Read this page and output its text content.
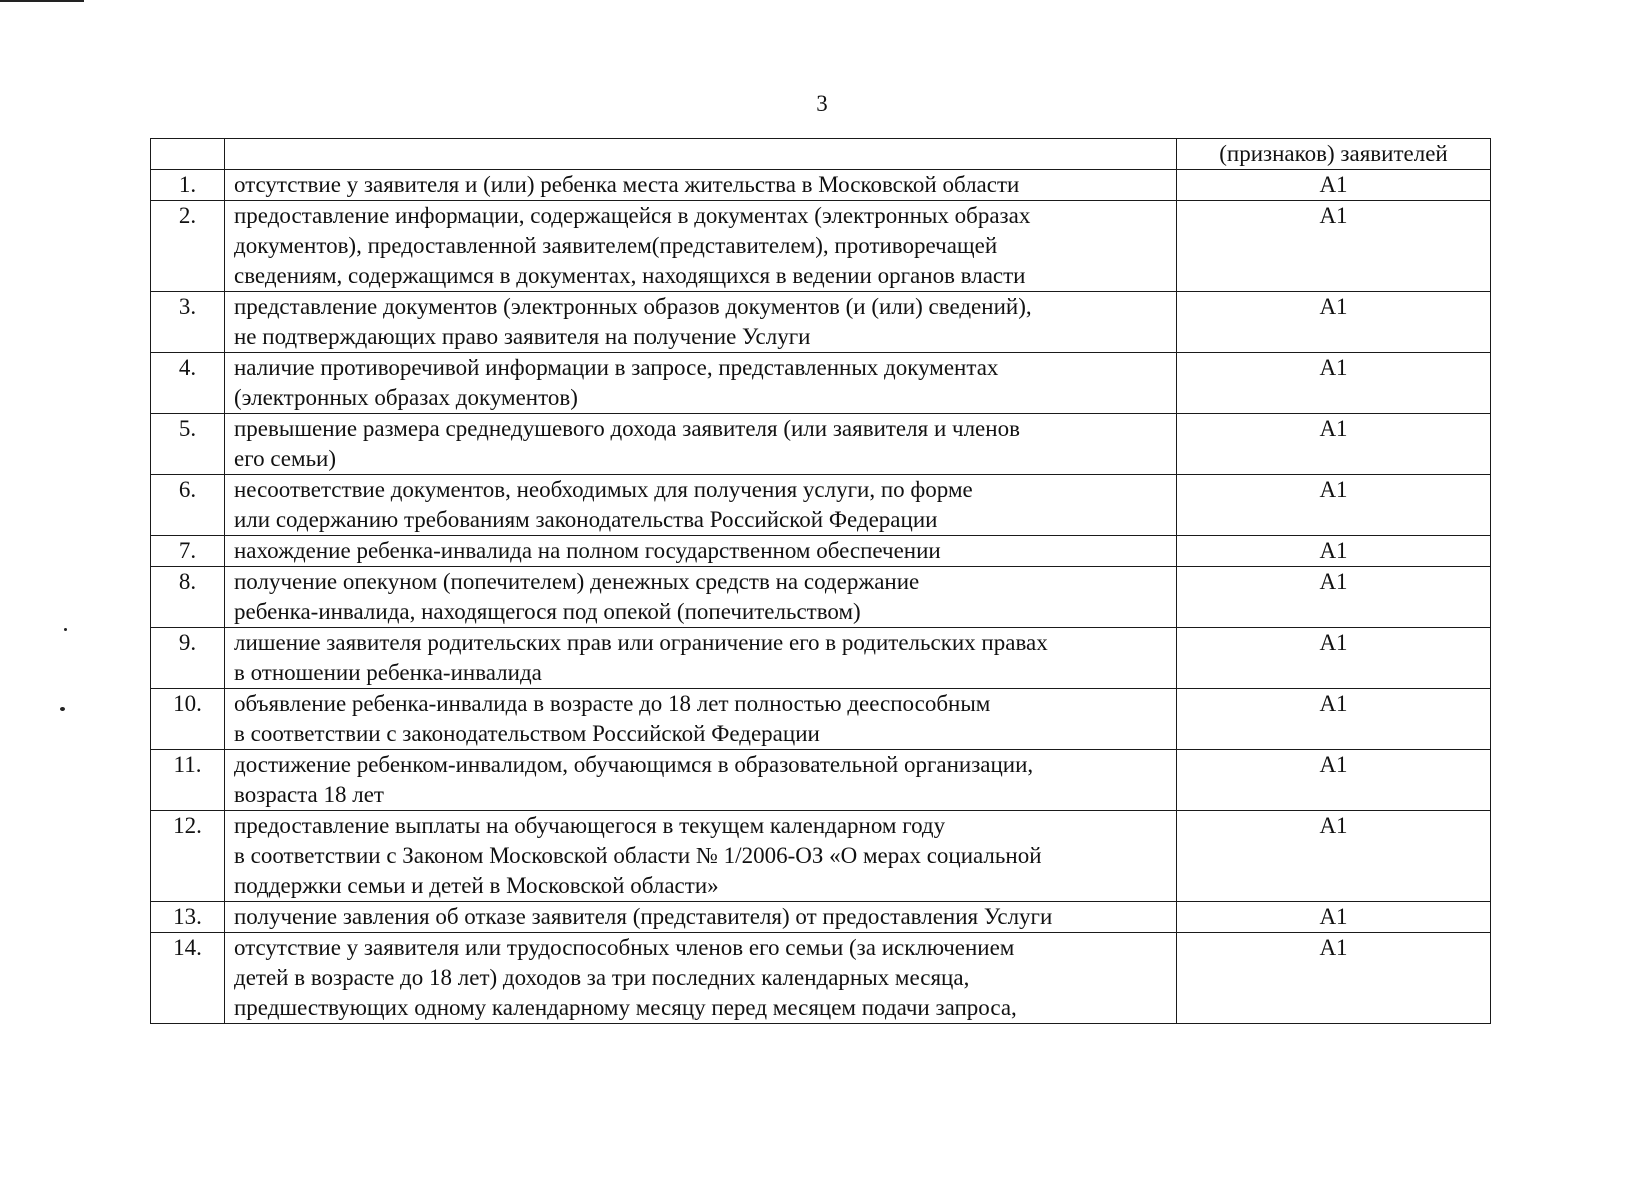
3
		(признаков) заявителей
1.	отсутствие у заявителя и (или) ребенка места жительства в Московской области	А1
2.	предоставление информации, содержащейся в документах (электронных образах
документов), предоставленной заявителем(представителем), противоречащей
сведениям, содержащимся в документах, находящихся в ведении органов власти	А1
3.	представление документов (электронных образов документов (и (или) сведений),
не подтверждающих право заявителя на получение Услуги	А1
4.	наличие противоречивой информации в запросе, представленных документах
(электронных образах документов)	А1
5.	превышение размера среднедушевого дохода заявителя (или заявителя и членов
его семьи)	А1
6.	несоответствие документов, необходимых для получения услуги, по форме
или содержанию требованиям законодательства Российской Федерации	А1
7.	нахождение ребенка-инвалида на полном государственном обеспечении	А1
8.	получение опекуном (попечителем) денежных средств на содержание
ребенка-инвалида, находящегося под опекой (попечительством)	А1
9.	лишение заявителя родительских прав или ограничение его в родительских правах
в отношении ребенка-инвалида	А1
10.	объявление ребенка-инвалида в возрасте до 18 лет полностью дееспособным
в соответствии с законодательством Российской Федерации	А1
11.	достижение ребенком-инвалидом, обучающимся в образовательной организации,
возраста 18 лет	А1
12.	предоставление выплаты на обучающегося в текущем календарном году
в соответствии с Законом Московской области № 1/2006-ОЗ «О мерах социальной
поддержки семьи и детей в Московской области»	А1
13.	получение завления об отказе заявителя (представителя) от предоставления Услуги	А1
14.	отсутствие у заявителя или трудоспособных членов его семьи (за исключением
детей в возрасте до 18 лет) доходов за три последних календарных месяца,
предшествующих одному календарному месяцу перед месяцем подачи запроса,	А1
